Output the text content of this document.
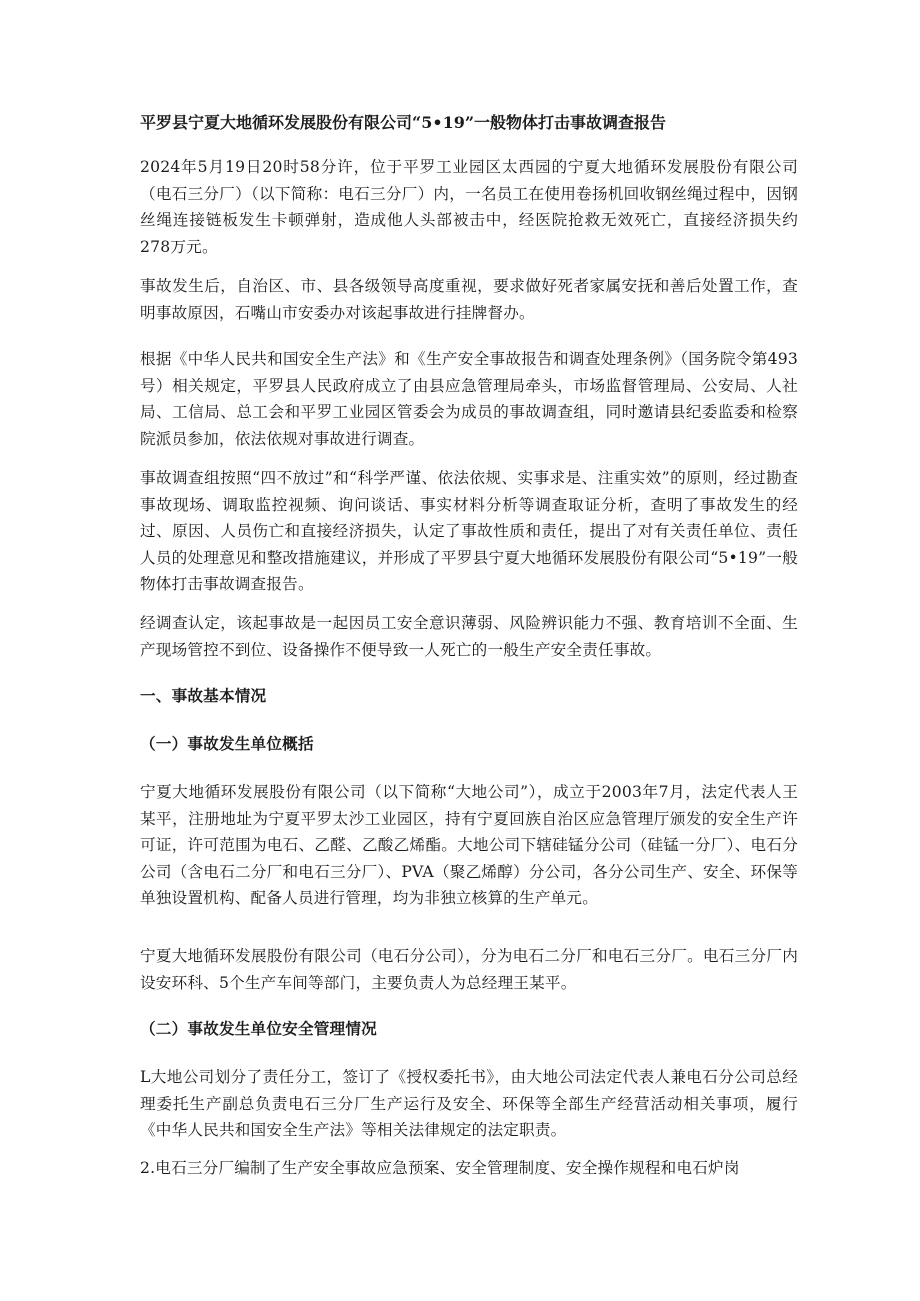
平罗县宁夏大地循环发展股份有限公司“5•19”一般物体打击事故调查报告

2024年5月19日20时58分许，位于平罗工业园区太西园的宁夏大地循环发展股份有限公司（电石三分厂）（以下简称：电石三分厂）内，一名员工在使用卷扬机回收钢丝绳过程中，因钢丝绳连接链板发生卡顿弹射，造成他人头部被击中，经医院抢救无效死亡，直接经济损失约278万元。

事故发生后，自治区、市、县各级领导高度重视，要求做好死者家属安抚和善后处置工作，查明事故原因，石嘴山市安委办对该起事故进行挂牌督办。

根据《中华人民共和国安全生产法》和《生产安全事故报告和调查处理条例》（国务院令第493号）相关规定，平罗县人民政府成立了由县应急管理局牵头，市场监督管理局、公安局、人社局、工信局、总工会和平罗工业园区管委会为成员的事故调查组，同时邀请县纪委监委和检察院派员参加，依法依规对事故进行调查。

事故调查组按照“四不放过”和“科学严谨、依法依规、实事求是、注重实效”的原则，经过勘查事故现场、调取监控视频、询问谈话、事实材料分析等调查取证分析，查明了事故发生的经过、原因、人员伤亡和直接经济损失，认定了事故性质和责任，提出了对有关责任单位、责任人员的处理意见和整改措施建议，并形成了平罗县宁夏大地循环发展股份有限公司“5•19”一般物体打击事故调查报告。

经调查认定，该起事故是一起因员工安全意识薄弱、风险辨识能力不强、教育培训不全面、生产现场管控不到位、设备操作不便导致一人死亡的一般生产安全责任事故。

一、事故基本情况
（一）事故发生单位概括

宁夏大地循环发展股份有限公司（以下简称“大地公司”），成立于2003年7月，法定代表人王某平，注册地址为宁夏平罗太沙工业园区，持有宁夏回族自治区应急管理厅颁发的安全生产许可证，许可范围为电石、乙醛、乙酸乙烯酯。大地公司下辖硅锰分公司（硅锰一分厂）、电石分公司（含电石二分厂和电石三分厂）、PVA（聚乙烯醇）分公司，各分公司生产、安全、环保等单独设置机构、配备人员进行管理，均为非独立核算的生产单元。

宁夏大地循环发展股份有限公司（电石分公司），分为电石二分厂和电石三分厂。电石三分厂内设安环科、5个生产车间等部门，主要负责人为总经理王某平。

（二）事故发生单位安全管理情况

L大地公司划分了责任分工，签订了《授权委托书》，由大地公司法定代表人兼电石分公司总经理委托生产副总负责电石三分厂生产运行及安全、环保等全部生产经营活动相关事项，履行《中华人民共和国安全生产法》等相关法律规定的法定职责。

2.电石三分厂编制了生产安全事故应急预案、安全管理制度、安全操作规程和电石炉岗
